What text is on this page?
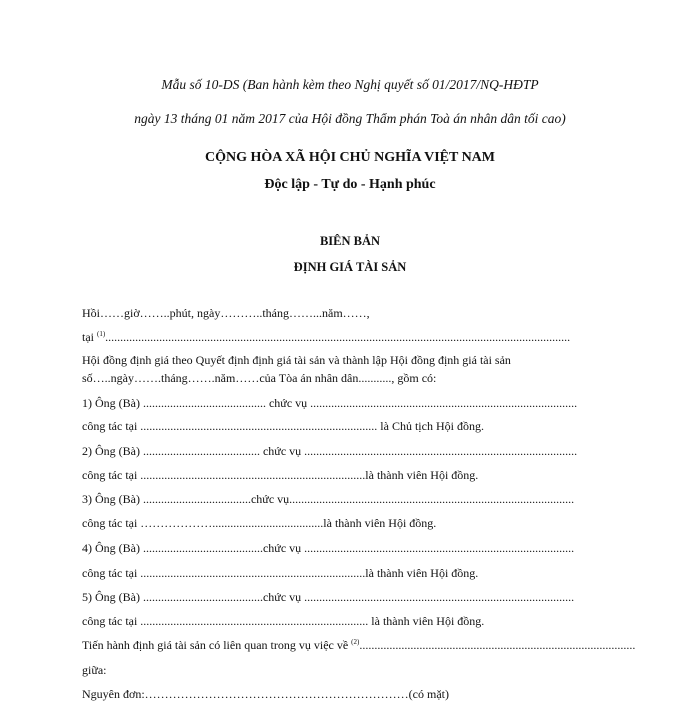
Mẫu số 10-DS (Ban hành kèm theo Nghị quyết số 01/2017/NQ-HĐTP
ngày 13 tháng 01 năm 2017 của Hội đồng Thẩm phán Toà án nhân dân tối cao)
CỘNG HÒA XÃ HỘI CHỦ NGHĨA VIỆT NAM
Độc lập - Tự do - Hạnh phúc
BIÊN BẢN
ĐỊNH GIÁ TÀI SẢN
Hồi……giờ……..phút, ngày………..tháng……...năm……,
tại $^{(1)}$...........................................................................................................................................................
Hội đồng định giá theo Quyết định định giá tài sản và thành lập Hội đồng định giá tài sản
số…..ngày…….tháng…….năm……của Tòa án nhân dân..........., gồm có:
1) Ông (Bà) ......................................... chức vụ .........................................................................................
công tác tại ............................................................................... là Chủ tịch Hội đồng.
2) Ông (Bà) ....................................... chức vụ ...........................................................................................
công tác tại ...........................................................................là thành viên Hội đồng.
3) Ông (Bà) ....................................chức vụ...............................................................................................
công tác tại ……………….....................................là thành viên Hội đồng.
4) Ông (Bà) ........................................chức vụ ..........................................................................................
công tác tại ...........................................................................là thành viên Hội đồng.
5) Ông (Bà) ........................................chức vụ ..........................................................................................
công tác tại ............................................................................ là thành viên Hội đồng.
Tiến hành định giá tài sản có liên quan trong vụ việc về $^{(2)}$............................................................................................
giữa:
Nguyên đơn:…………………………………………………………(có mặt)
